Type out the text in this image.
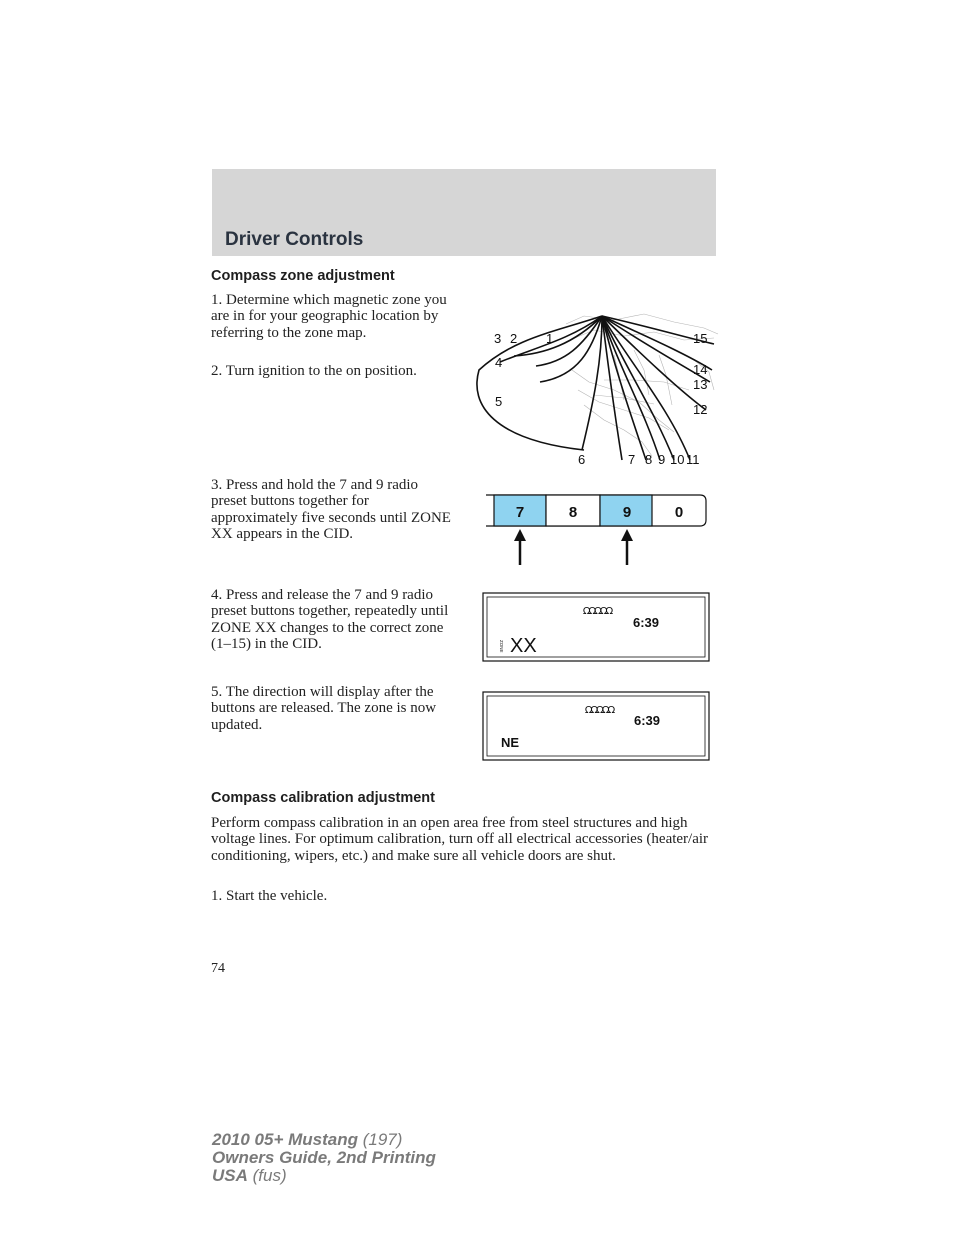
Driver Controls
Compass zone adjustment

1. Determine which magnetic zone you are in for your geographic location by referring to the zone map.

2. Turn ignition to the on position.

3 2 1
4
5
6	7 8 9 10 11
12
13
14
15

3. Press and hold the 7 and 9 radio preset buttons together for approximately five seconds until ZONE XX appears in the CID.

7	8	9	0

4. Press and release the 7 and 9 radio preset buttons together, repeatedly until ZONE XX changes to the correct zone (1–15) in the CID.

ΩΩΩΩΩ
6:39
ZONE XX

5. The direction will display after the buttons are released. The zone is now updated.

ΩΩΩΩΩ
6:39
NE
Compass calibration adjustment

Perform compass calibration in an open area free from steel structures and high voltage lines. For optimum calibration, turn off all electrical accessories (heater/air conditioning, wipers, etc.) and make sure all vehicle doors are shut.

1. Start the vehicle.

74
2010 05+ Mustang (197)
Owners Guide, 2nd Printing
USA (fus)
